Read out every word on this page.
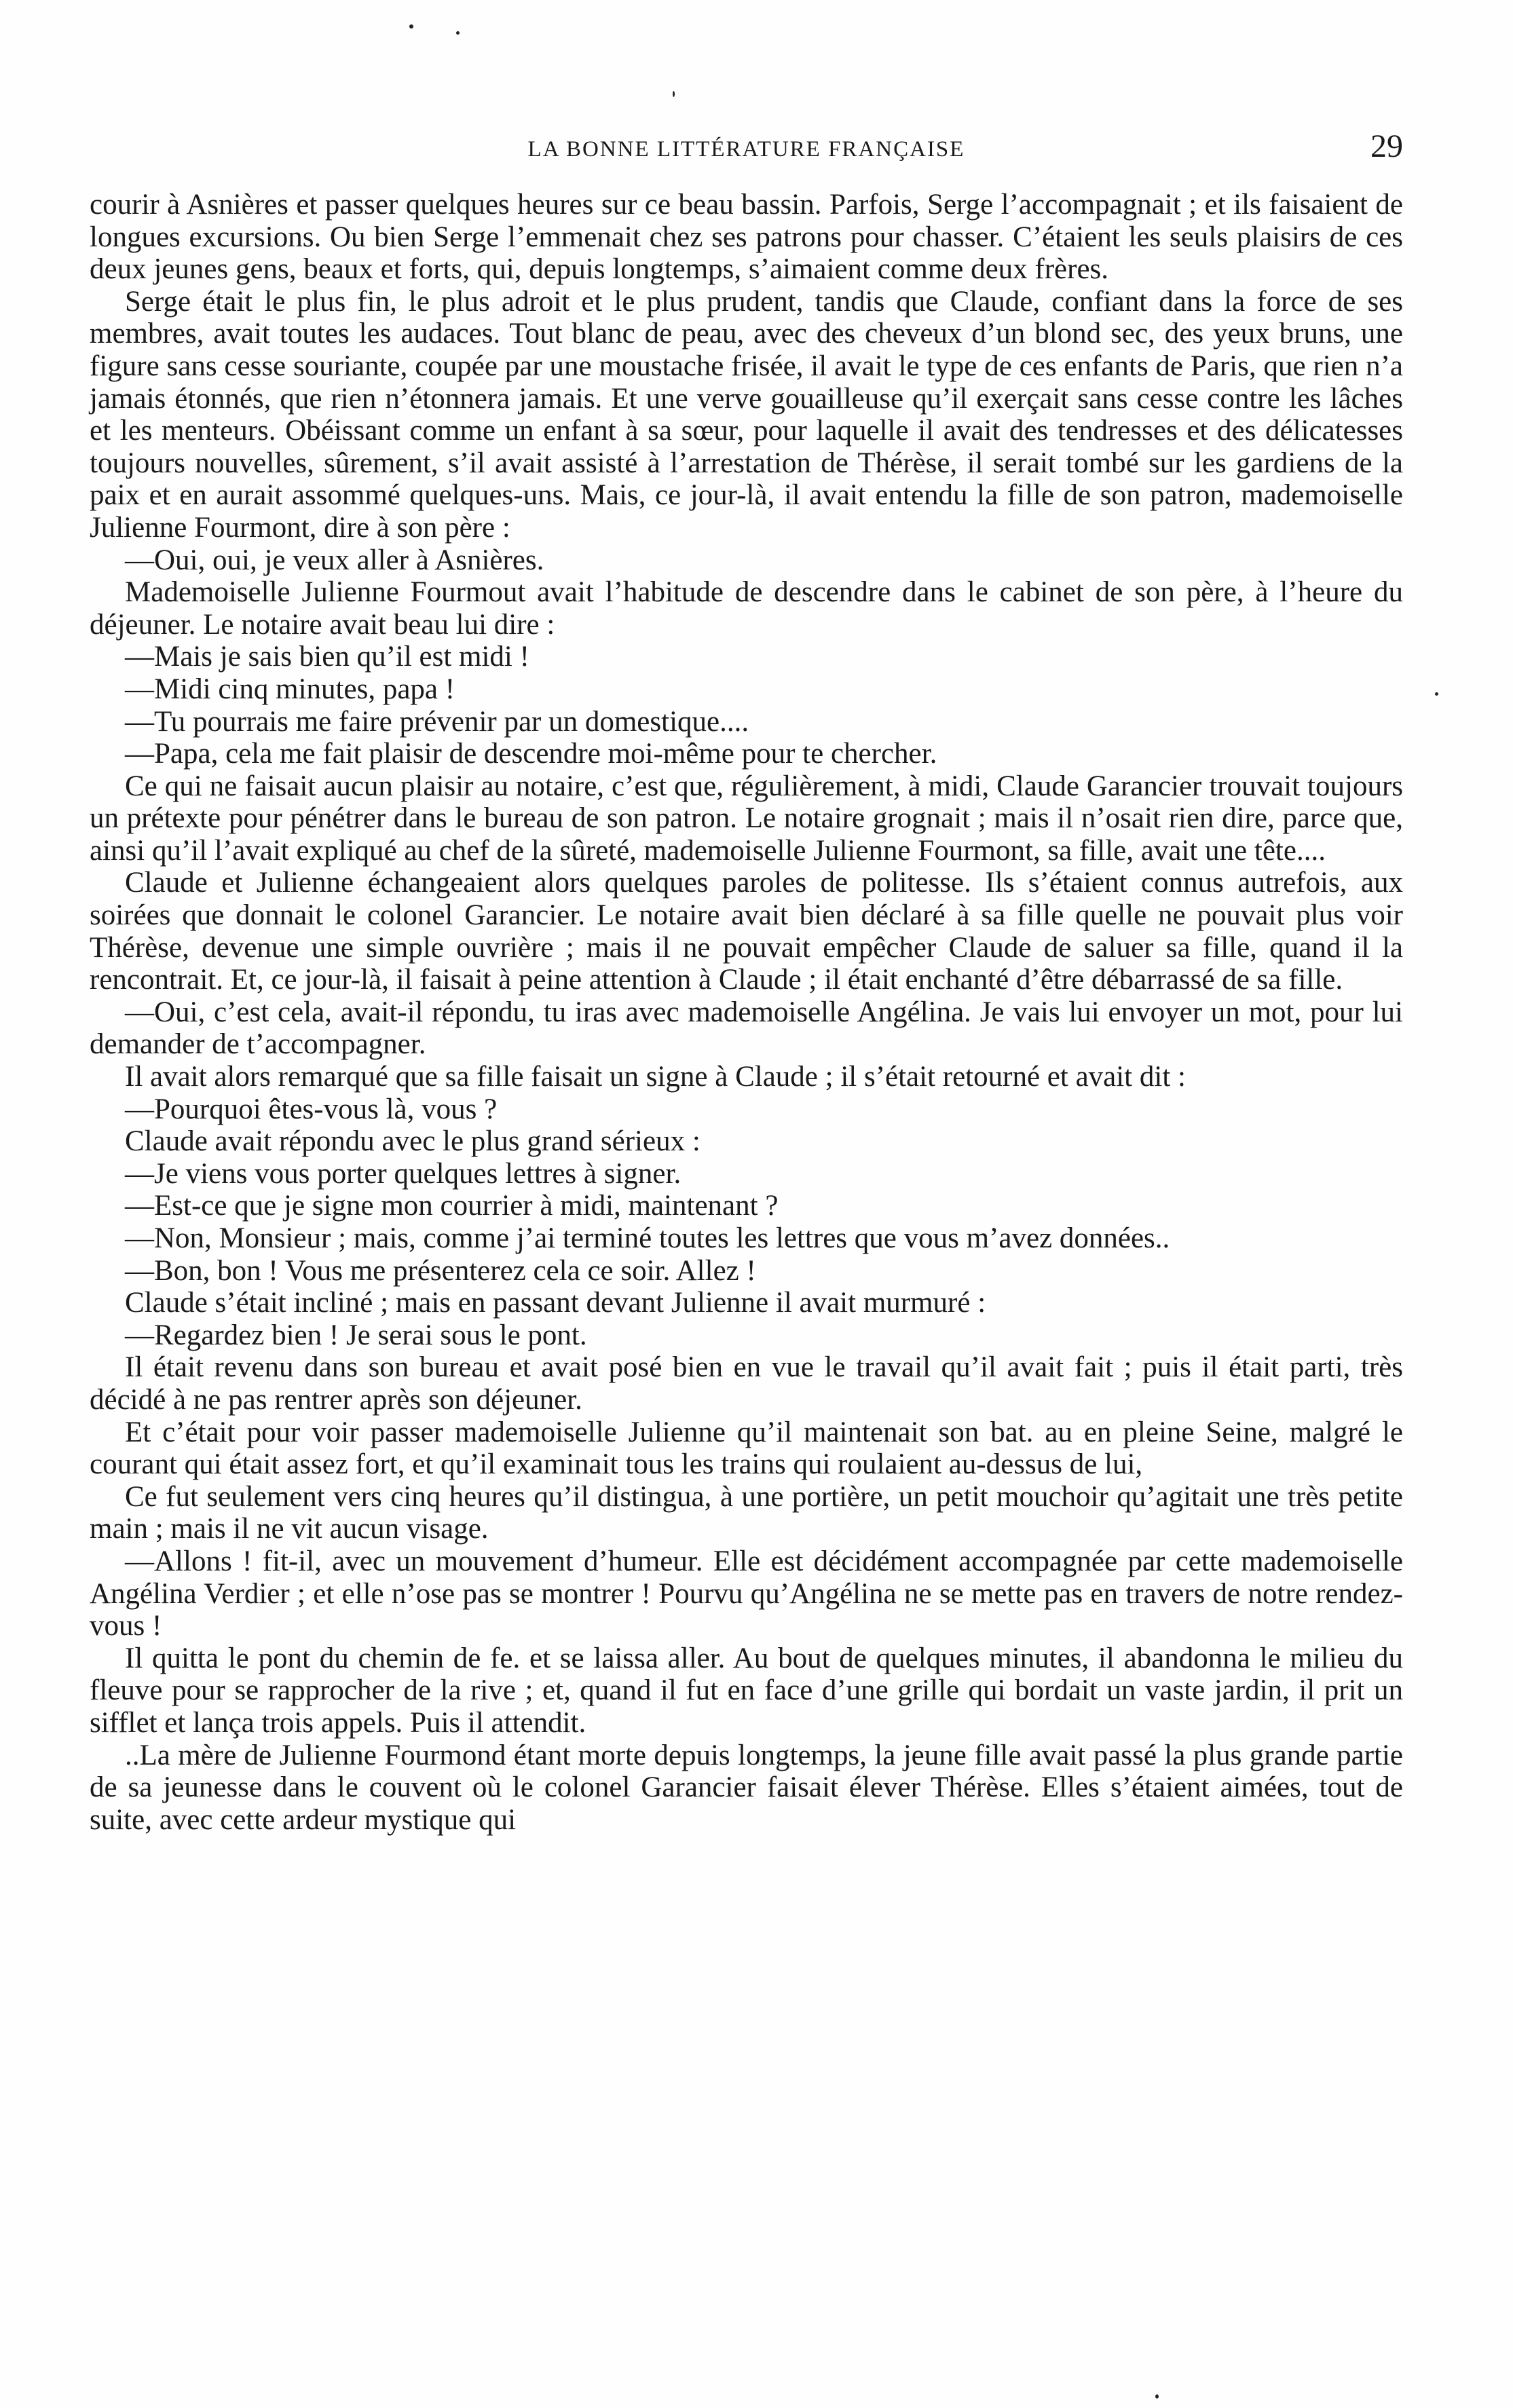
LA BONNE LITTÉRATURE FRANÇAISE	29

courir à Asnières et passer quelques heures sur ce beau bassin. Parfois, Serge l’accompagnait ; et ils faisaient de longues excursions. Ou bien Serge l’emmenait chez ses patrons pour chasser. C’étaient les seuls plaisirs de ces deux jeunes gens, beaux et forts, qui, depuis longtemps, s’aimaient comme deux frères.

Serge était le plus fin, le plus adroit et le plus prudent, tandis que Claude, confiant dans la force de ses membres, avait toutes les audaces. Tout blanc de peau, avec des cheveux d’un blond sec, des yeux bruns, une figure sans cesse souriante, coupée par une moustache frisée, il avait le type de ces enfants de Paris, que rien n’a jamais étonnés, que rien n’étonnera jamais. Et une verve gouailleuse qu’il exerçait sans cesse contre les lâches et les menteurs. Obéissant comme un enfant à sa sœur, pour laquelle il avait des tendresses et des délicatesses toujours nouvelles, sûrement, s’il avait assisté à l’arrestation de Thérèse, il serait tombé sur les gardiens de la paix et en aurait assommé quelques-uns. Mais, ce jour-là, il avait entendu la fille de son patron, mademoiselle Julienne Fourmont, dire à son père :

—Oui, oui, je veux aller à Asnières.

Mademoiselle Julienne Fourmout avait l’habitude de descendre dans le cabinet de son père, à l’heure du déjeuner. Le notaire avait beau lui dire :

—Mais je sais bien qu’il est midi !

—Midi cinq minutes, papa !

—Tu pourrais me faire prévenir par un domestique....

—Papa, cela me fait plaisir de descendre moi-même pour te chercher.

Ce qui ne faisait aucun plaisir au notaire, c’est que, régulièrement, à midi, Claude Garancier trouvait toujours un prétexte pour pénétrer dans le bureau de son patron. Le notaire grognait ; mais il n’osait rien dire, parce que, ainsi qu’il l’avait expliqué au chef de la sûreté, mademoiselle Julienne Fourmont, sa fille, avait une tête....

Claude et Julienne échangeaient alors quelques paroles de politesse. Ils s’étaient connus autrefois, aux soirées que donnait le colonel Garancier. Le notaire avait bien déclaré à sa fille quelle ne pouvait plus voir Thérèse, devenue une simple ouvrière ; mais il ne pouvait empêcher Claude de saluer sa fille, quand il la rencontrait. Et, ce jour-là, il faisait à peine attention à Claude ; il était enchanté d’être débarrassé de sa fille.

—Oui, c’est cela, avait-il répondu, tu iras avec mademoiselle Angélina. Je vais lui envoyer un mot, pour lui demander de t’accompagner.

Il avait alors remarqué que sa fille faisait un signe à Claude ; il s’était retourné et avait dit :

—Pourquoi êtes-vous là, vous ?

Claude avait répondu avec le plus grand sérieux :

—Je viens vous porter quelques lettres à signer.

—Est-ce que je signe mon courrier à midi, maintenant ?

—Non, Monsieur ; mais, comme j’ai terminé toutes les lettres que vous m’avez données..

—Bon, bon ! Vous me présenterez cela ce soir. Allez !

Claude s’était incliné ; mais en passant devant Julienne il avait murmuré :

—Regardez bien ! Je serai sous le pont.

Il était revenu dans son bureau et avait posé bien en vue le travail qu’il avait fait ; puis il était parti, très décidé à ne pas rentrer après son déjeuner.

Et c’était pour voir passer mademoiselle Julienne qu’il maintenait son bat. au en pleine Seine, malgré le courant qui était assez fort, et qu’il examinait tous les trains qui roulaient au-dessus de lui,

Ce fut seulement vers cinq heures qu’il distingua, à une portière, un petit mouchoir qu’agitait une très petite main ; mais il ne vit aucun visage.

—Allons ! fit-il, avec un mouvement d’humeur. Elle est décidément accompagnée par cette mademoiselle Angélina Verdier ; et elle n’ose pas se montrer ! Pourvu qu’Angélina ne se mette pas en travers de notre rendez-vous !

Il quitta le pont du chemin de fe. et se laissa aller. Au bout de quelques minutes, il abandonna le milieu du fleuve pour se rapprocher de la rive ; et, quand il fut en face d’une grille qui bordait un vaste jardin, il prit un sifflet et lança trois appels. Puis il attendit.

..La mère de Julienne Fourmond étant morte depuis longtemps, la jeune fille avait passé la plus grande partie de sa jeunesse dans le couvent où le colonel Garancier faisait élever Thérèse. Elles s’étaient aimées, tout de suite, avec cette ardeur mystique qui
